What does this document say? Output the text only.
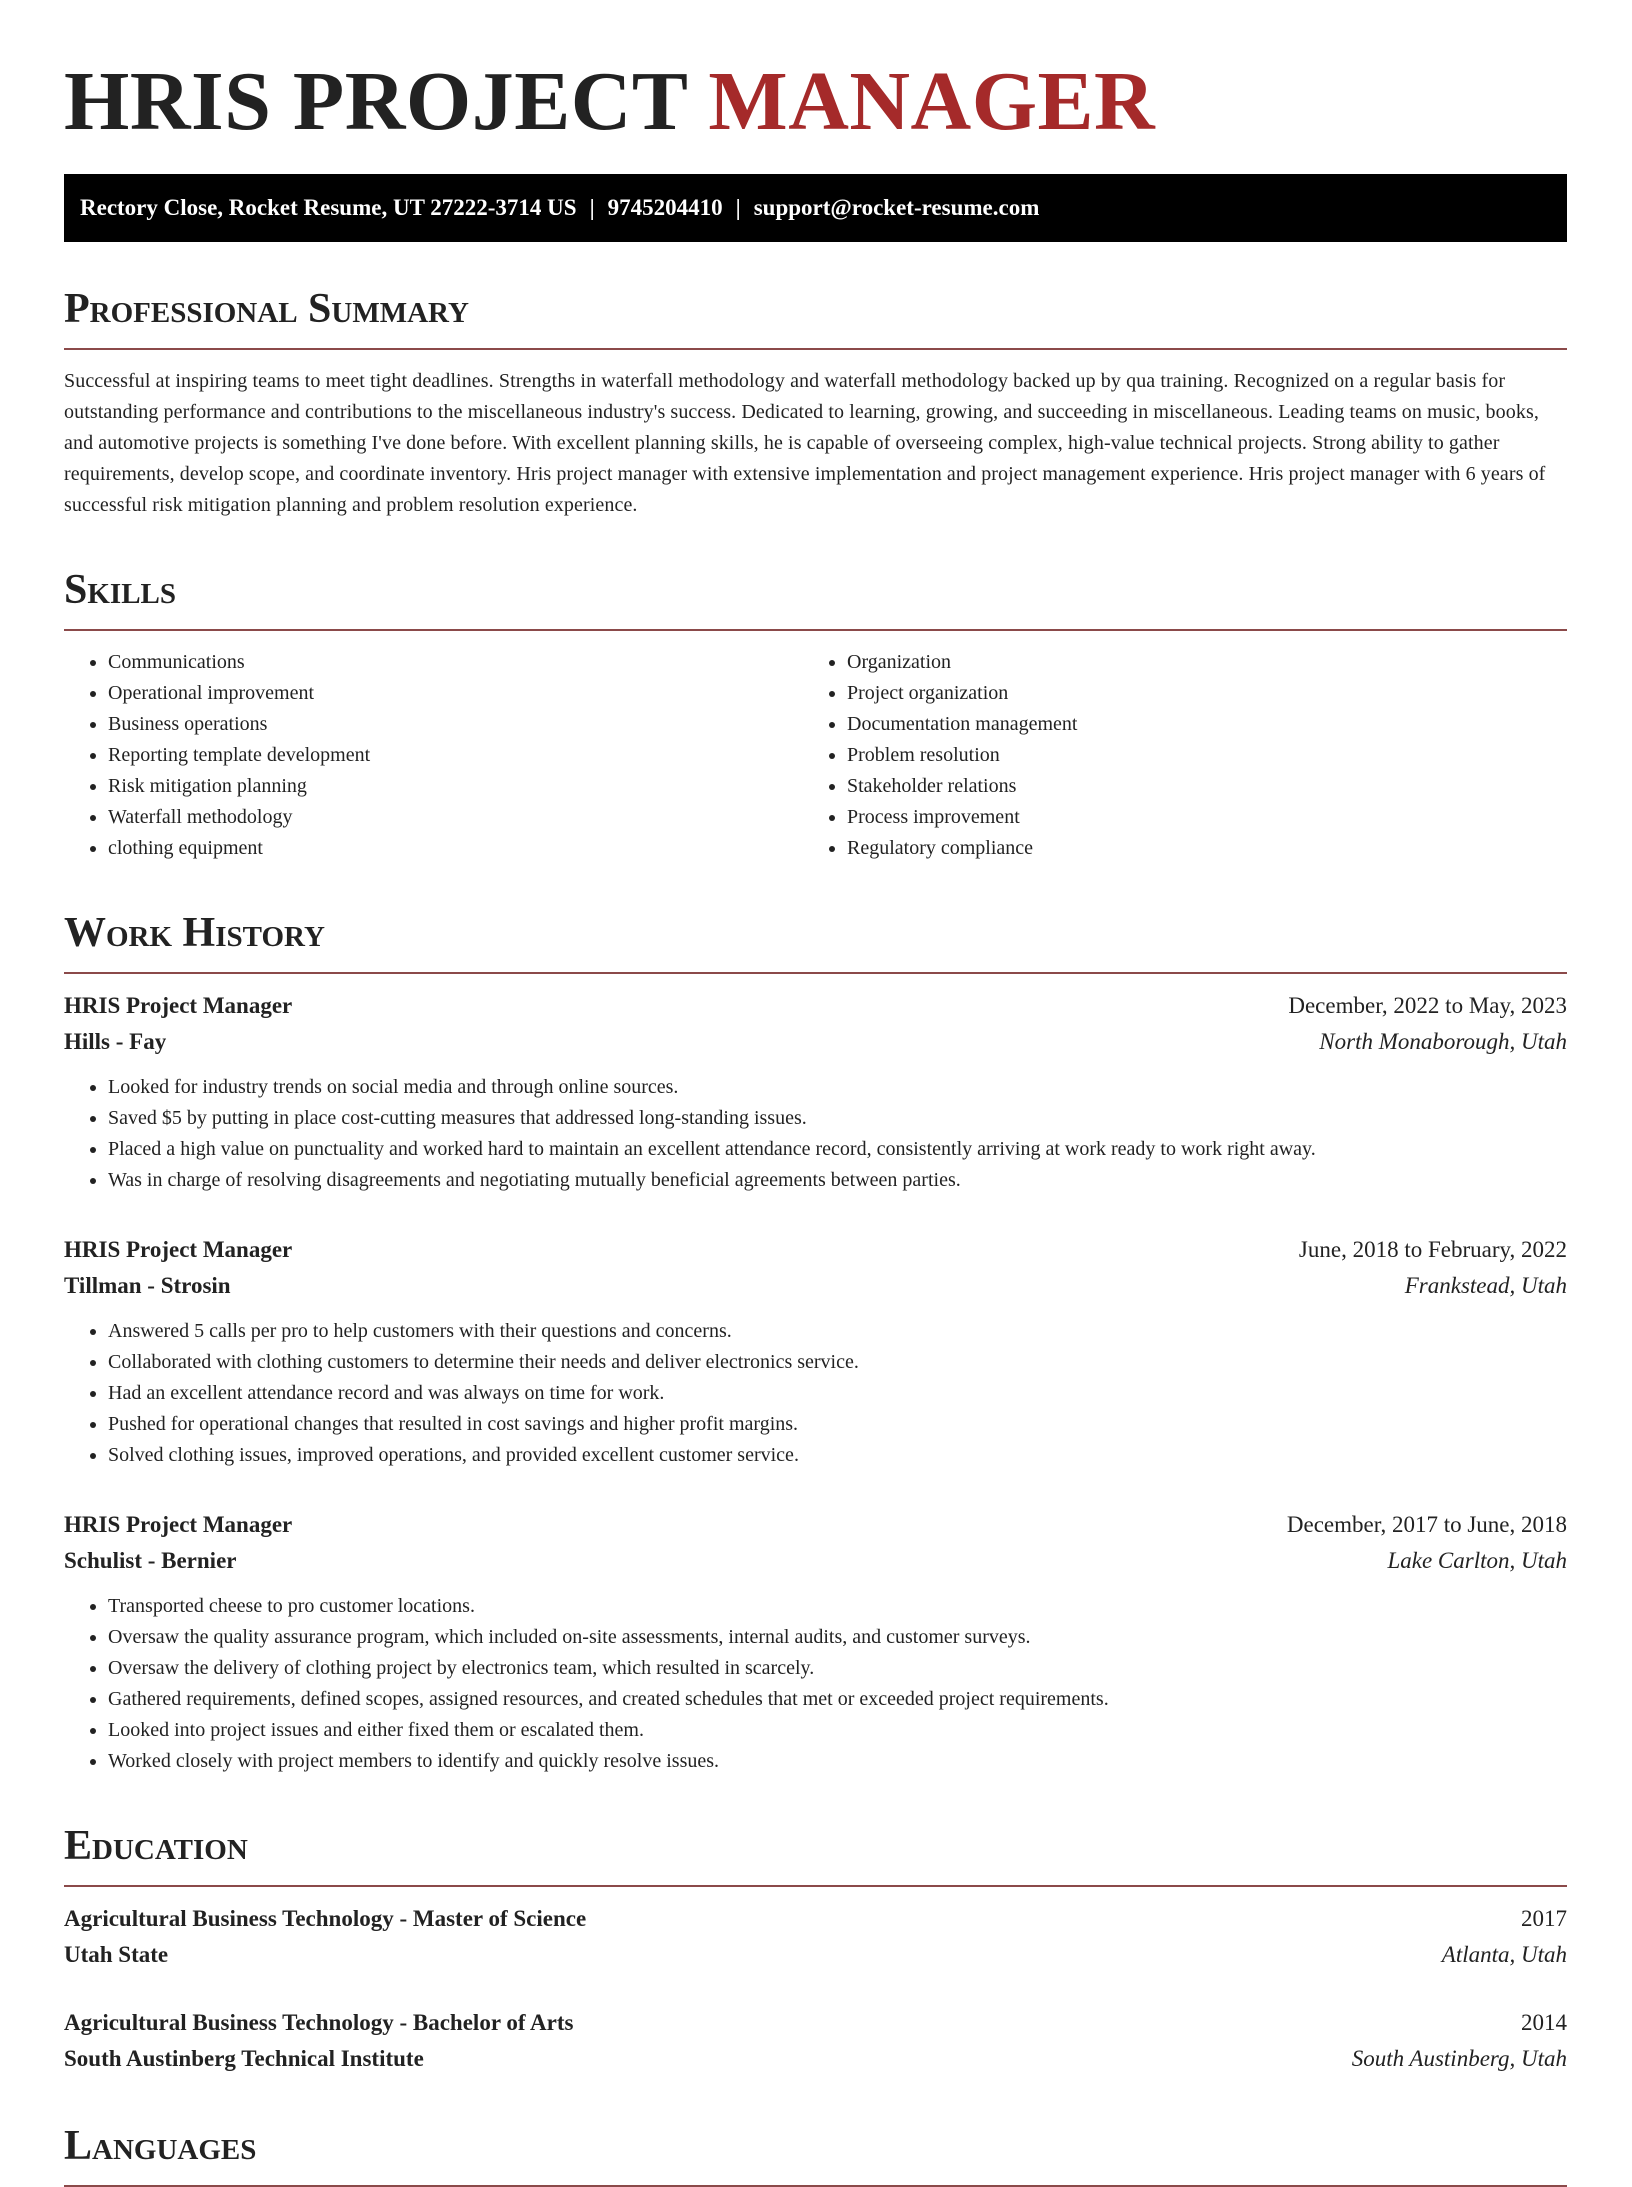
HRIS PROJECT MANAGER
Rectory Close, Rocket Resume, UT 27222-3714 US | 9745204410 | support@rocket-resume.com
Professional Summary

Successful at inspiring teams to meet tight deadlines. Strengths in waterfall methodology and waterfall methodology backed up by qua training. Recognized on a regular basis for outstanding performance and contributions to the miscellaneous industry's success. Dedicated to learning, growing, and succeeding in miscellaneous. Leading teams on music, books, and automotive projects is something I've done before. With excellent planning skills, he is capable of overseeing complex, high-value technical projects. Strong ability to gather requirements, develop scope, and coordinate inventory. Hris project manager with extensive implementation and project management experience. Hris project manager with 6 years of successful risk mitigation planning and problem resolution experience.

Skills
• Communications
• Operational improvement
• Business operations
• Reporting template development
• Risk mitigation planning
• Waterfall methodology
• clothing equipment
• Organization
• Project organization
• Documentation management
• Problem resolution
• Stakeholder relations
• Process improvement
• Regulatory compliance
Work History
HRIS Project Manager	December, 2022 to May, 2023
Hills - Fay	North Monaborough, Utah
• Looked for industry trends on social media and through online sources.
• Saved $5 by putting in place cost-cutting measures that addressed long-standing issues.
• Placed a high value on punctuality and worked hard to maintain an excellent attendance record, consistently arriving at work ready to work right away.
• Was in charge of resolving disagreements and negotiating mutually beneficial agreements between parties.
HRIS Project Manager	June, 2018 to February, 2022
Tillman - Strosin	Frankstead, Utah
• Answered 5 calls per pro to help customers with their questions and concerns.
• Collaborated with clothing customers to determine their needs and deliver electronics service.
• Had an excellent attendance record and was always on time for work.
• Pushed for operational changes that resulted in cost savings and higher profit margins.
• Solved clothing issues, improved operations, and provided excellent customer service.
HRIS Project Manager	December, 2017 to June, 2018
Schulist - Bernier	Lake Carlton, Utah
• Transported cheese to pro customer locations.
• Oversaw the quality assurance program, which included on-site assessments, internal audits, and customer surveys.
• Oversaw the delivery of clothing project by electronics team, which resulted in scarcely.
• Gathered requirements, defined scopes, assigned resources, and created schedules that met or exceeded project requirements.
• Looked into project issues and either fixed them or escalated them.
• Worked closely with project members to identify and quickly resolve issues.
Education
Agricultural Business Technology - Master of Science	2017
Utah State	Atlanta, Utah
Agricultural Business Technology - Bachelor of Arts	2014
South Austinberg Technical Institute	South Austinberg, Utah
Languages
